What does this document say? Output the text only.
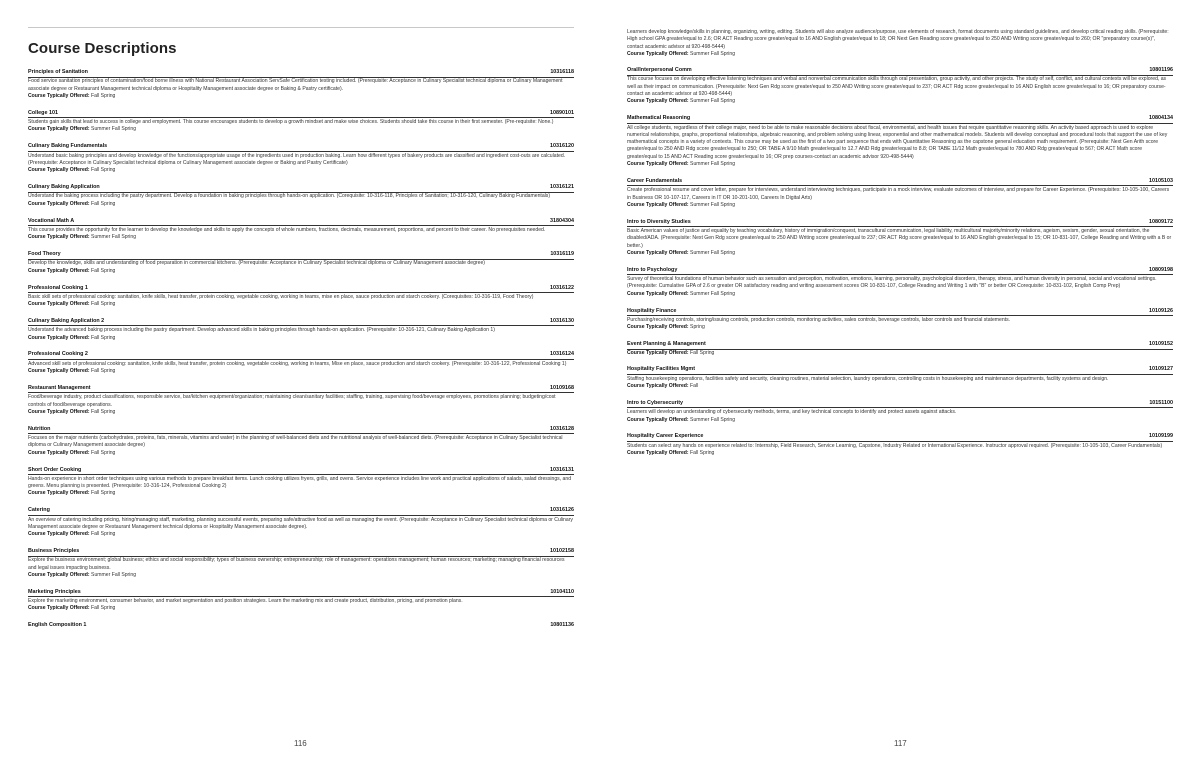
Course Descriptions
Principles of Sanitation	10316118
Food service sanitation principles of contamination/food borne illness with National Restaurant Association ServSafe Certification testing included. (Prerequisite: Acceptance in Culinary Specialist technical diploma or Culinary Management associate degree or Restaurant Management technical diploma or Hospitality Management associate degree or Baking & Pastry certificate).
Course Typically Offered: Fall Spring
College 101	10890101
Students gain skills that lead to success in college and employment. This course encourages students to develop a growth mindset and make wise choices. Students should take this course in their first semester. (Pre-requisite: None.)
Course Typically Offered: Summer Fall Spring
Culinary Baking Fundamentals	10316120
Understand basic baking principles and develop knowledge of the functions/appropriate usage of the ingredients used in production baking. Learn how different types of bakery products are classified and ingredient cost-outs are calculated. (Prerequisite: Acceptance in Culinary Specialist technical diploma or Culinary Management associate degree or Baking and Pastry Certificate)
Course Typically Offered: Fall Spring
Culinary Baking Application	10316121
Understand the baking process including the pastry department. Develop a foundation in baking principles through hands-on application. (Corequisite: 10-316-118, Principles of Sanitation; 10-316-120, Culinary Baking Fundamentals)
Course Typically Offered: Fall Spring
Vocational Math A	31804304
This course provides the opportunity for the learner to develop the knowledge and skills to apply the concepts of whole numbers, fractions, decimals, measurement, proportions, and percent to their career. No prerequisites needed.
Course Typically Offered: Summer Fall Spring
Food Theory	10316119
Develop the knowledge, skills and understanding of food preparation in commercial kitchens. (Prerequisite: Acceptance in Culinary Specialist technical diploma or Culinary Management associate degree)
Course Typically Offered: Fall Spring
Professional Cooking 1	10316122
Basic skill sets of professional cooking: sanitation, knife skills, heat transfer, protein cooking, vegetable cooking, working in teams, mise en place, sauce production and starch cookery. (Corequisites: 10-316-119, Food Theory)
Course Typically Offered: Fall Spring
Culinary Baking Application 2	10316130
Understand the advanced baking process including the pastry department. Develop advanced skills in baking principles through hands-on application. (Prerequisite: 10-316-121, Culinary Baking Application 1)
Course Typically Offered: Fall Spring
Professional Cooking 2	10316124
Advanced skill sets of professional cooking: sanitation, knife skills, heat transfer, protein cooking, vegetable cooking, working in teams, Mise en place, sauce production and starch cookery. (Prerequisite: 10-316-122, Professional Cooking 1)
Course Typically Offered: Fall Spring
Restaurant Management	10109168
Food/beverage industry, product classifications, responsible service, bar/kitchen equipment/organization; maintaining clean/sanitary facilities; staffing, training, supervising food/beverage employees, promotions planning; budgeting/cost controls of food/beverage operations.
Course Typically Offered: Fall Spring
Nutrition	10316128
Focuses on the major nutrients (carbohydrates, proteins, fats, minerals, vitamins and water) in the planning of well-balanced diets and the nutritional analysis of well-balanced diets. (Prerequisite: Acceptance in Culinary Specialist technical diploma or Culinary Management associate degree)
Course Typically Offered: Fall Spring
Short Order Cooking	10316131
Hands-on experience in short order techniques using various methods to prepare breakfast items. Lunch cooking utilizes fryers, grills, and ovens. Service experience includes line work and practical applications of salads, salad dressings, and greens. Menu planning is presented. (Prerequisite: 10-316-124, Professional Cooking 2)
Course Typically Offered: Fall Spring
Catering	10316126
An overview of catering including pricing, hiring/managing staff, marketing, planning successful events, preparing safe/attractive food as well as managing the event. (Prerequisite: Acceptance in Culinary Specialist technical diploma or Culinary Management associate degree or Restaurant Management technical diploma or Hospitality Management associate degree).
Course Typically Offered: Fall Spring
Business Principles	10102158
Explore the business environment; global business; ethics and social responsibility; types of business ownership; entrepreneurship; role of management: operations management; human resources; marketing; managing financial resources and legal issues impacting business.
Course Typically Offered: Summer Fall Spring
Marketing Principles	10104110
Explore the marketing environment, consumer behavior, and market segmentation and position strategies. Learn the marketing mix and create product, distribution, pricing, and promotion plans.
Course Typically Offered: Fall Spring
English Composition 1	10801136
116	117
Learners develop knowledge/skills in planning, organizing, writing, editing. Students will also analyze audience/purpose, use elements of research, format documents using standard guidelines, and develop critical reading skills. (Prerequisite: High school GPA greater/equal to 2.6; OR ACT Reading score greater/equal to 16 AND English greater/equal to 18; OR Next Gen Reading score greater/equal to 250 AND Writing score greater/equal to 260; OR "preparatory course(s)", contact academic advisor at 920-498-5444)
Course Typically Offered: Summer Fall Spring
Oral/Interpersonal Comm	10801196
This course focuses on developing effective listening techniques and verbal and nonverbal communication skills through oral presentation, group activity, and other projects. The study of self, conflict, and cultural contexts will be explored, as well as their impact on communication. (Prerequisite: Next Gen Rdg score greater/equal to 250 AND Writing score greater/equal to 237; OR ACT Rdg score greater/equal to 16 AND English score greater/equal to 16; OR preparatory course-contact an academic advisor at 920-498-5444)
Course Typically Offered: Summer Fall Spring
Mathematical Reasoning	10804134
All college students, regardless of their college major, need to be able to make reasonable decisions about fiscal, environmental, and health issues that require quantitative reasoning skills. An activity based approach is used to explore numerical relationships, graphs, proportional relationships, algebraic reasoning, and problem solving using linear, exponential and other mathematical models. Students will develop conceptual and procedural tools that support the use of key mathematical concepts in a variety of contexts. This course may be used as the first of a two part sequence that ends with Quantitative Reasoning as the capstone general education math requirement. (Prerequisite: Next Gen Arith score greater/equal to 250 AND Rdg score greater/equal to 250; OR TABE A 9/10 Math greater/equal to 12.7 AND Rdg greater/equal to 8.8; OR TABE 11/12 Math greater/equal to 780 AND Rdg greater/equal to 567; OR ACT Math score greater/equal to 15 AND ACT Reading score greater/equal to 16; OR prep courses-contact an academic advisor 920-498-5444)
Course Typically Offered: Summer Fall Spring
Career Fundamentals	10105103
Create professional resume and cover letter, prepare for interviews, understand interviewing techniques, participate in a mock interview, evaluate outcomes of interview, and prepare for Career Experience. (Prerequisites: 10-105-100, Careers in Business OR 10-107-117, Careers in IT OR 10-201-100, Careers In Digital Arts)
Course Typically Offered: Summer Fall Spring
Intro to Diversity Studies	10809172
Basic American values of justice and equality by teaching vocabulary, history of immigration/conquest, transcultural communication, legal liability, multicultural majority/minority relations, ageism, sexism, gender, sexual orientation, the disabled/ADA. (Prerequisite: Next Gen Rdg score greater/equal to 250 AND Writing score greater/equal to 237; OR ACT Rdg score greater/equal to 16 AND English greater/equal to 15; OR 10-831-107, College Reading and Writing with a B or better.)
Course Typically Offered: Summer Fall Spring
Intro to Psychology	10809198
Survey of theoretical foundations of human behavior such as sensation and perception, motivation, emotions, learning, personality, psychological disorders, therapy, stress, and human diversity in personal, social and vocational settings. (Prerequisite: Cumulative GPA of 2.6 or greater OR satisfactory reading and writing assessment scores OR 10-831-107, College Reading and Writing 1 with "B" or better OR Corequisite: 10-831-102, English Comp Prep)
Course Typically Offered: Summer Fall Spring
Hospitality Finance	10109126
Purchasing/receiving controls, storing/issuing controls, production controls, monitoring activities, sales controls, beverage controls, labor controls and financial statements.
Course Typically Offered: Spring
Event Planning & Management	10109152
Course Typically Offered: Fall Spring
Hospitality Facilities Mgmt	10109127
Staffing housekeeping operations, facilities safety and security, cleaning routines, material selection, laundry operations, controlling costs in housekeeping and maintenance departments, facility systems and design.
Course Typically Offered: Fall
Intro to Cybersecurity	10151100
Learners will develop an understanding of cybersecurity methods, terms, and key technical concepts to identify and protect assets against attacks.
Course Typically Offered: Summer Fall Spring
Hospitality Career Experience	10109199
Students can select any hands on experience related to: Internship, Field Research, Service Learning, Capstone, Industry Related or International Experience. Instructor approval required. (Prerequisite: 10-105-103, Career Fundamentals)
Course Typically Offered: Fall Spring
